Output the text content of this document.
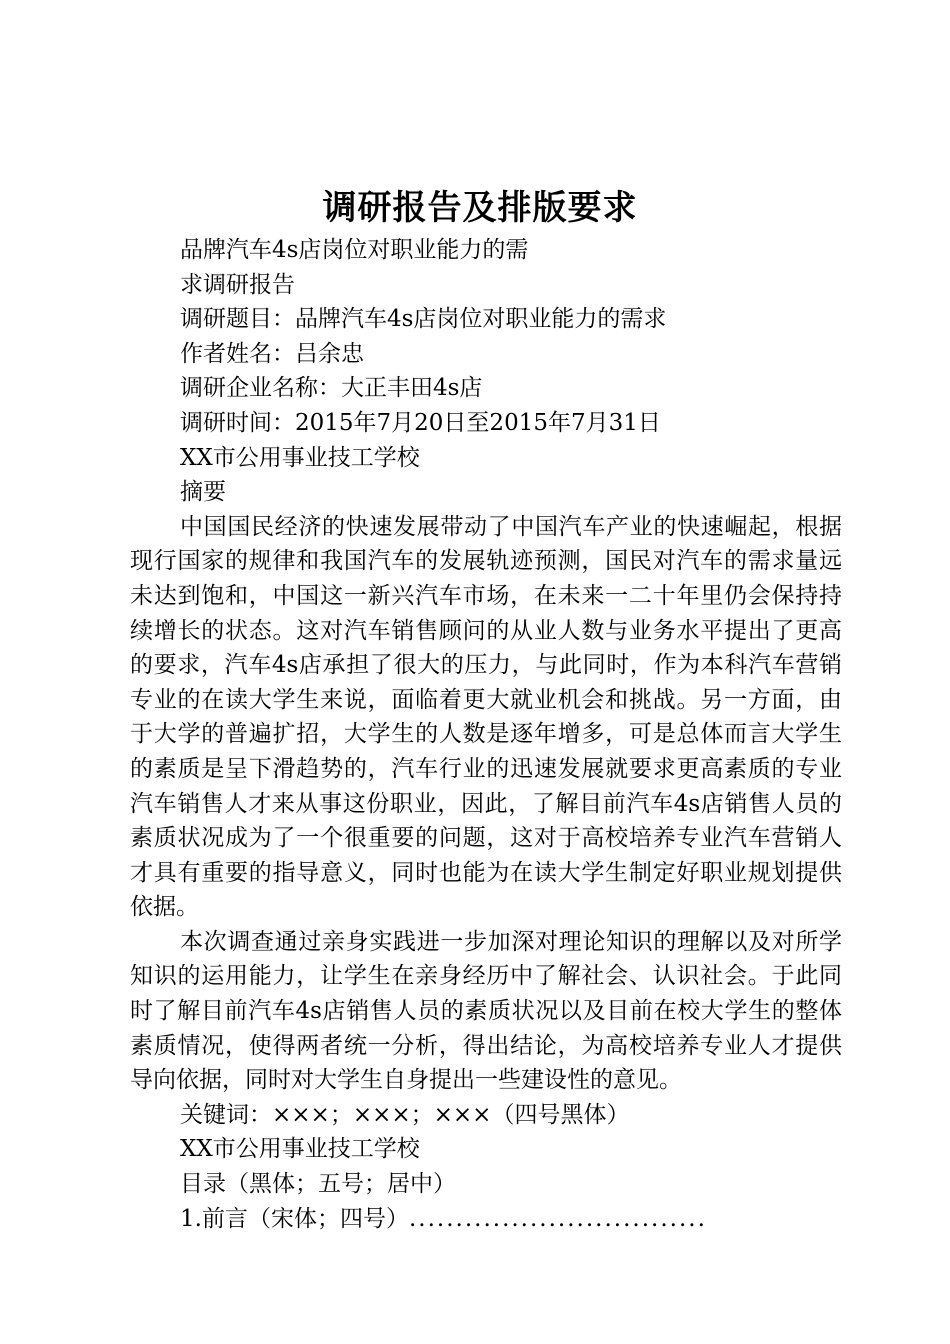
调研报告及排版要求

品牌汽车4s店岗位对职业能力的需

求调研报告

调研题目：品牌汽车4s店岗位对职业能力的需求

作者姓名：吕余忠

调研企业名称：大正丰田4s店

调研时间：2015年7月20日至2015年7月31日

XX市公用事业技工学校

摘要

中国国民经济的快速发展带动了中国汽车产业的快速崛起，根据现行国家的规律和我国汽车的发展轨迹预测，国民对汽车的需求量远未达到饱和，中国这一新兴汽车市场，在未来一二十年里仍会保持持续增长的状态。这对汽车销售顾问的从业人数与业务水平提出了更高的要求，汽车4s店承担了很大的压力，与此同时，作为本科汽车营销专业的在读大学生来说，面临着更大就业机会和挑战。另一方面，由于大学的普遍扩招，大学生的人数是逐年增多，可是总体而言大学生的素质是呈下滑趋势的，汽车行业的迅速发展就要求更高素质的专业汽车销售人才来从事这份职业，因此，了解目前汽车4s店销售人员的素质状况成为了一个很重要的问题，这对于高校培养专业汽车营销人才具有重要的指导意义，同时也能为在读大学生制定好职业规划提供依据。

本次调查通过亲身实践进一步加深对理论知识的理解以及对所学知识的运用能力，让学生在亲身经历中了解社会、认识社会。于此同时了解目前汽车4s店销售人员的素质状况以及目前在校大学生的整体素质情况，使得两者统一分析，得出结论，为高校培养专业人才提供导向依据，同时对大学生自身提出一些建设性的意见。

关键词：×××；×××；×××（四号黑体）

XX市公用事业技工学校

目录（黑体；五号；居中）

1.前言（宋体；四号）................................
